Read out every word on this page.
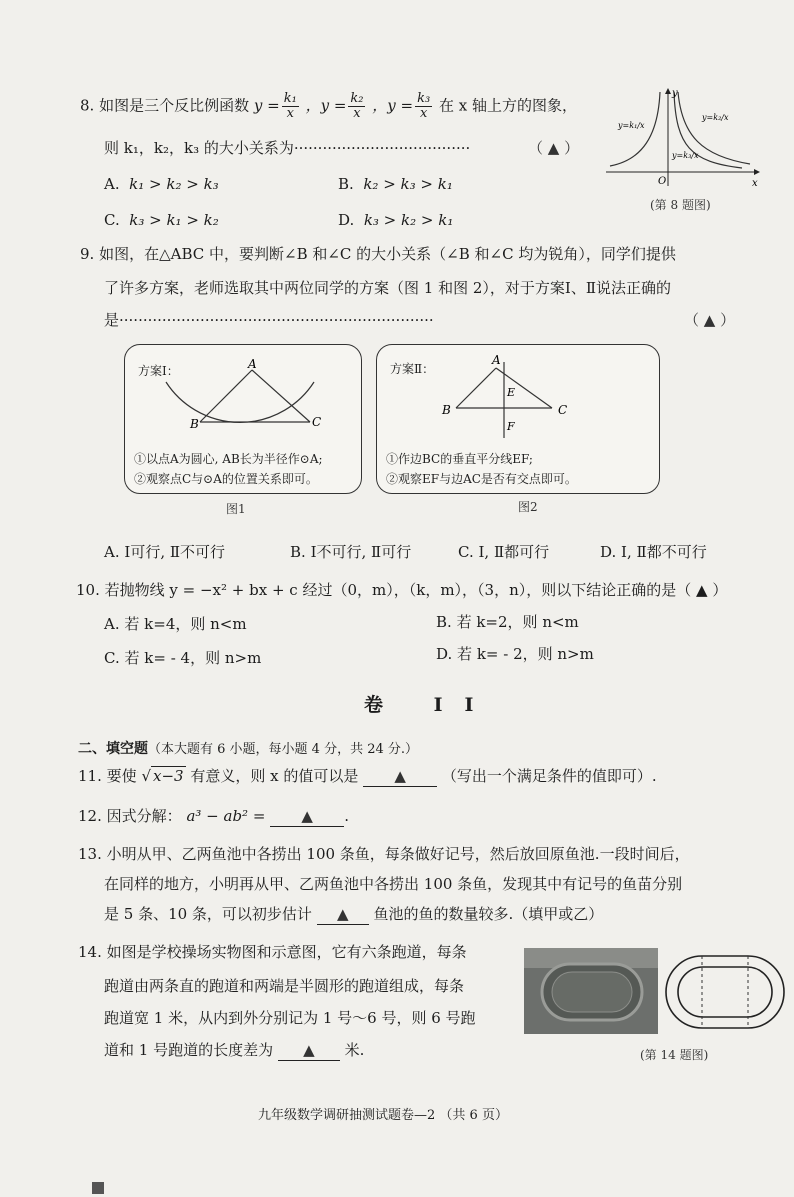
8. 如图是三个反比例函数 $y = \frac{\text{k₁}}{x}$ ，$y = \frac{\text{k₂}}{x}$ ，$y = \frac{\text{k₃}}{x}$ 在 x 轴上方的图象，
则 k₁，k₂，k₃ 的大小关系为·····································	（ ▲ ）
A. k₁ > k₂ > k₃	B. k₂ > k₃ > k₁
C. k₃ > k₁ > k₂	D. k₃ > k₂ > k₁
y
x
O
y=k₁/x
y=k₂/x
y=k₃/x
(第 8 题图)
9. 如图，在△ABC 中，要判断∠B 和∠C 的大小关系（∠B 和∠C 均为锐角），同学们提供
了许多方案，老师选取其中两位同学的方案（图 1 和图 2），对于方案Ⅰ、Ⅱ说法正确的
是··································································	（ ▲ ）
A
B	C
方案Ⅰ：
①以点A为圆心, AB长为半径作⊙A;
②观察点C与⊙A的位置关系即可。
图1
A
B	C
E
F
方案Ⅱ：
①作边BC的垂直平分线EF;
②观察EF与边AC是否有交点即可。
图2
A. Ⅰ可行, Ⅱ不可行	B. Ⅰ不可行, Ⅱ可行	C. Ⅰ, Ⅱ都可行	D. Ⅰ, Ⅱ都不可行
10. 若抛物线 y = −x² + bx + c 经过（0，m），（k，m），（3，n），则以下结论正确的是（ ▲ ）
A. 若 k=4，则 n<m	B. 若 k=2，则 n<m
C. 若 k= - 4，则 n>m	D. 若 k= - 2，则 n>m
卷 II
二、填空题（本大题有 6 小题，每小题 4 分，共 24 分.）
11. 要使 √ x−3 有意义，则 x 的值可以是 ▲ （写出一个满足条件的值即可）.
12. 因式分解： a³ − ab² = ▲ .
13. 小明从甲、乙两鱼池中各捞出 100 条鱼，每条做好记号，然后放回原鱼池.一段时间后，
在同样的地方，小明再从甲、乙两鱼池中各捞出 100 条鱼，发现其中有记号的鱼苗分别
是 5 条、10 条，可以初步估计 ▲ 鱼池的鱼的数量较多.（填甲或乙）
14. 如图是学校操场实物图和示意图，它有六条跑道，每条
跑道由两条直的跑道和两端是半圆形的跑道组成，每条
跑道宽 1 米，从内到外分别记为 1 号～6 号，则 6 号跑
道和 1 号跑道的长度差为 ▲ 米.	(第 14 题图)
九年级数学调研抽测试题卷—2 （共 6 页）
